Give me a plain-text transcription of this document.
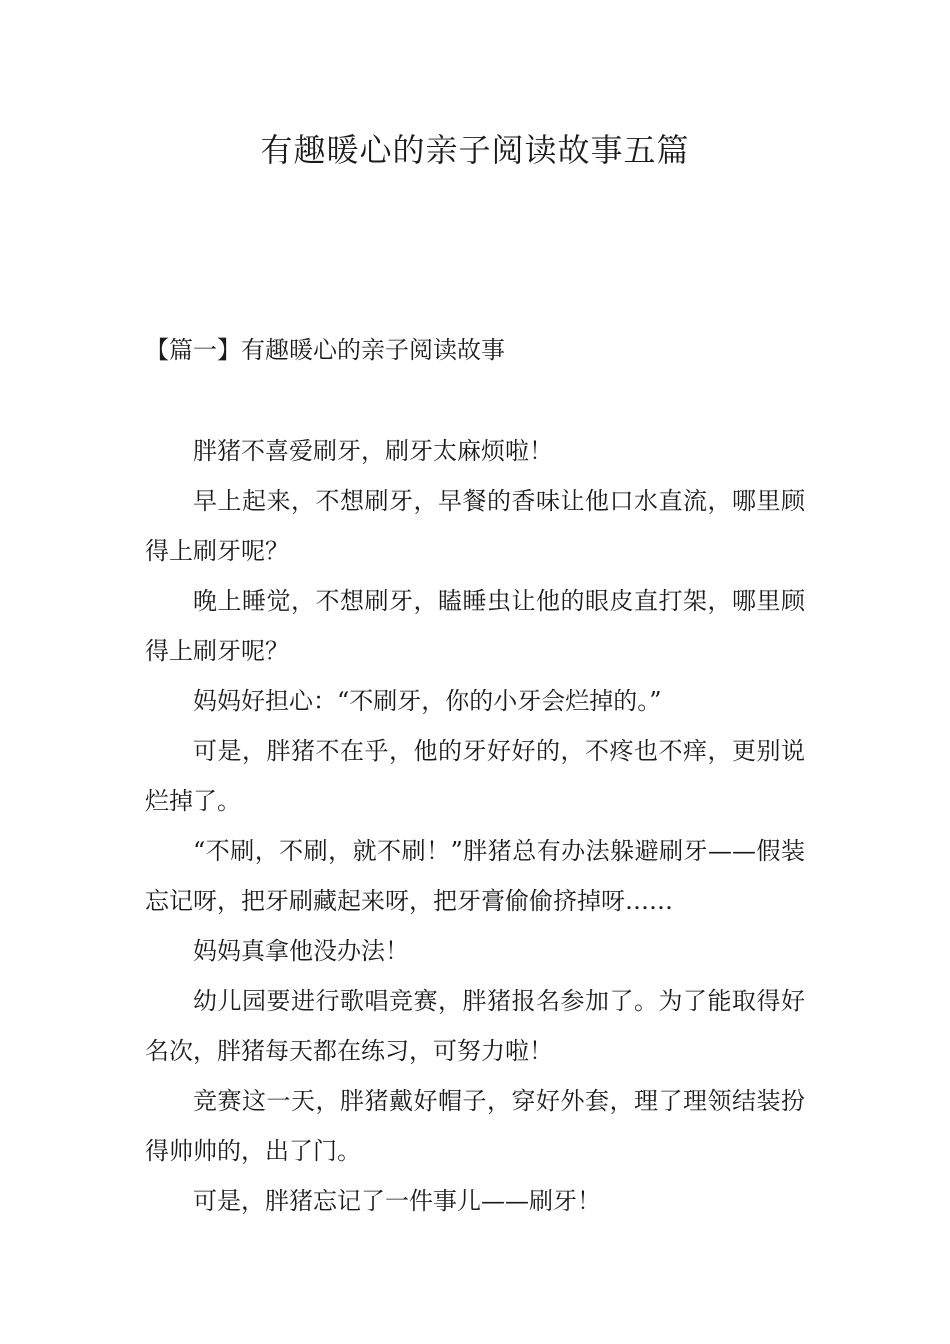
有趣暖心的亲子阅读故事五篇
【篇一】有趣暖心的亲子阅读故事

胖猪不喜爱刷牙，刷牙太麻烦啦！

早上起来，不想刷牙，早餐的香味让他口水直流，哪里顾得上刷牙呢？

晚上睡觉，不想刷牙，瞌睡虫让他的眼皮直打架，哪里顾得上刷牙呢？

妈妈好担心：“不刷牙，你的小牙会烂掉的。”

可是，胖猪不在乎，他的牙好好的，不疼也不痒，更别说烂掉了。

“不刷，不刷，就不刷！”胖猪总有办法躲避刷牙——假装忘记呀，把牙刷藏起来呀，把牙膏偷偷挤掉呀……

妈妈真拿他没办法！

幼儿园要进行歌唱竞赛，胖猪报名参加了。为了能取得好名次，胖猪每天都在练习，可努力啦！

竞赛这一天，胖猪戴好帽子，穿好外套，理了理领结装扮得帅帅的，出了门。

可是，胖猪忘记了一件事儿——刷牙！
